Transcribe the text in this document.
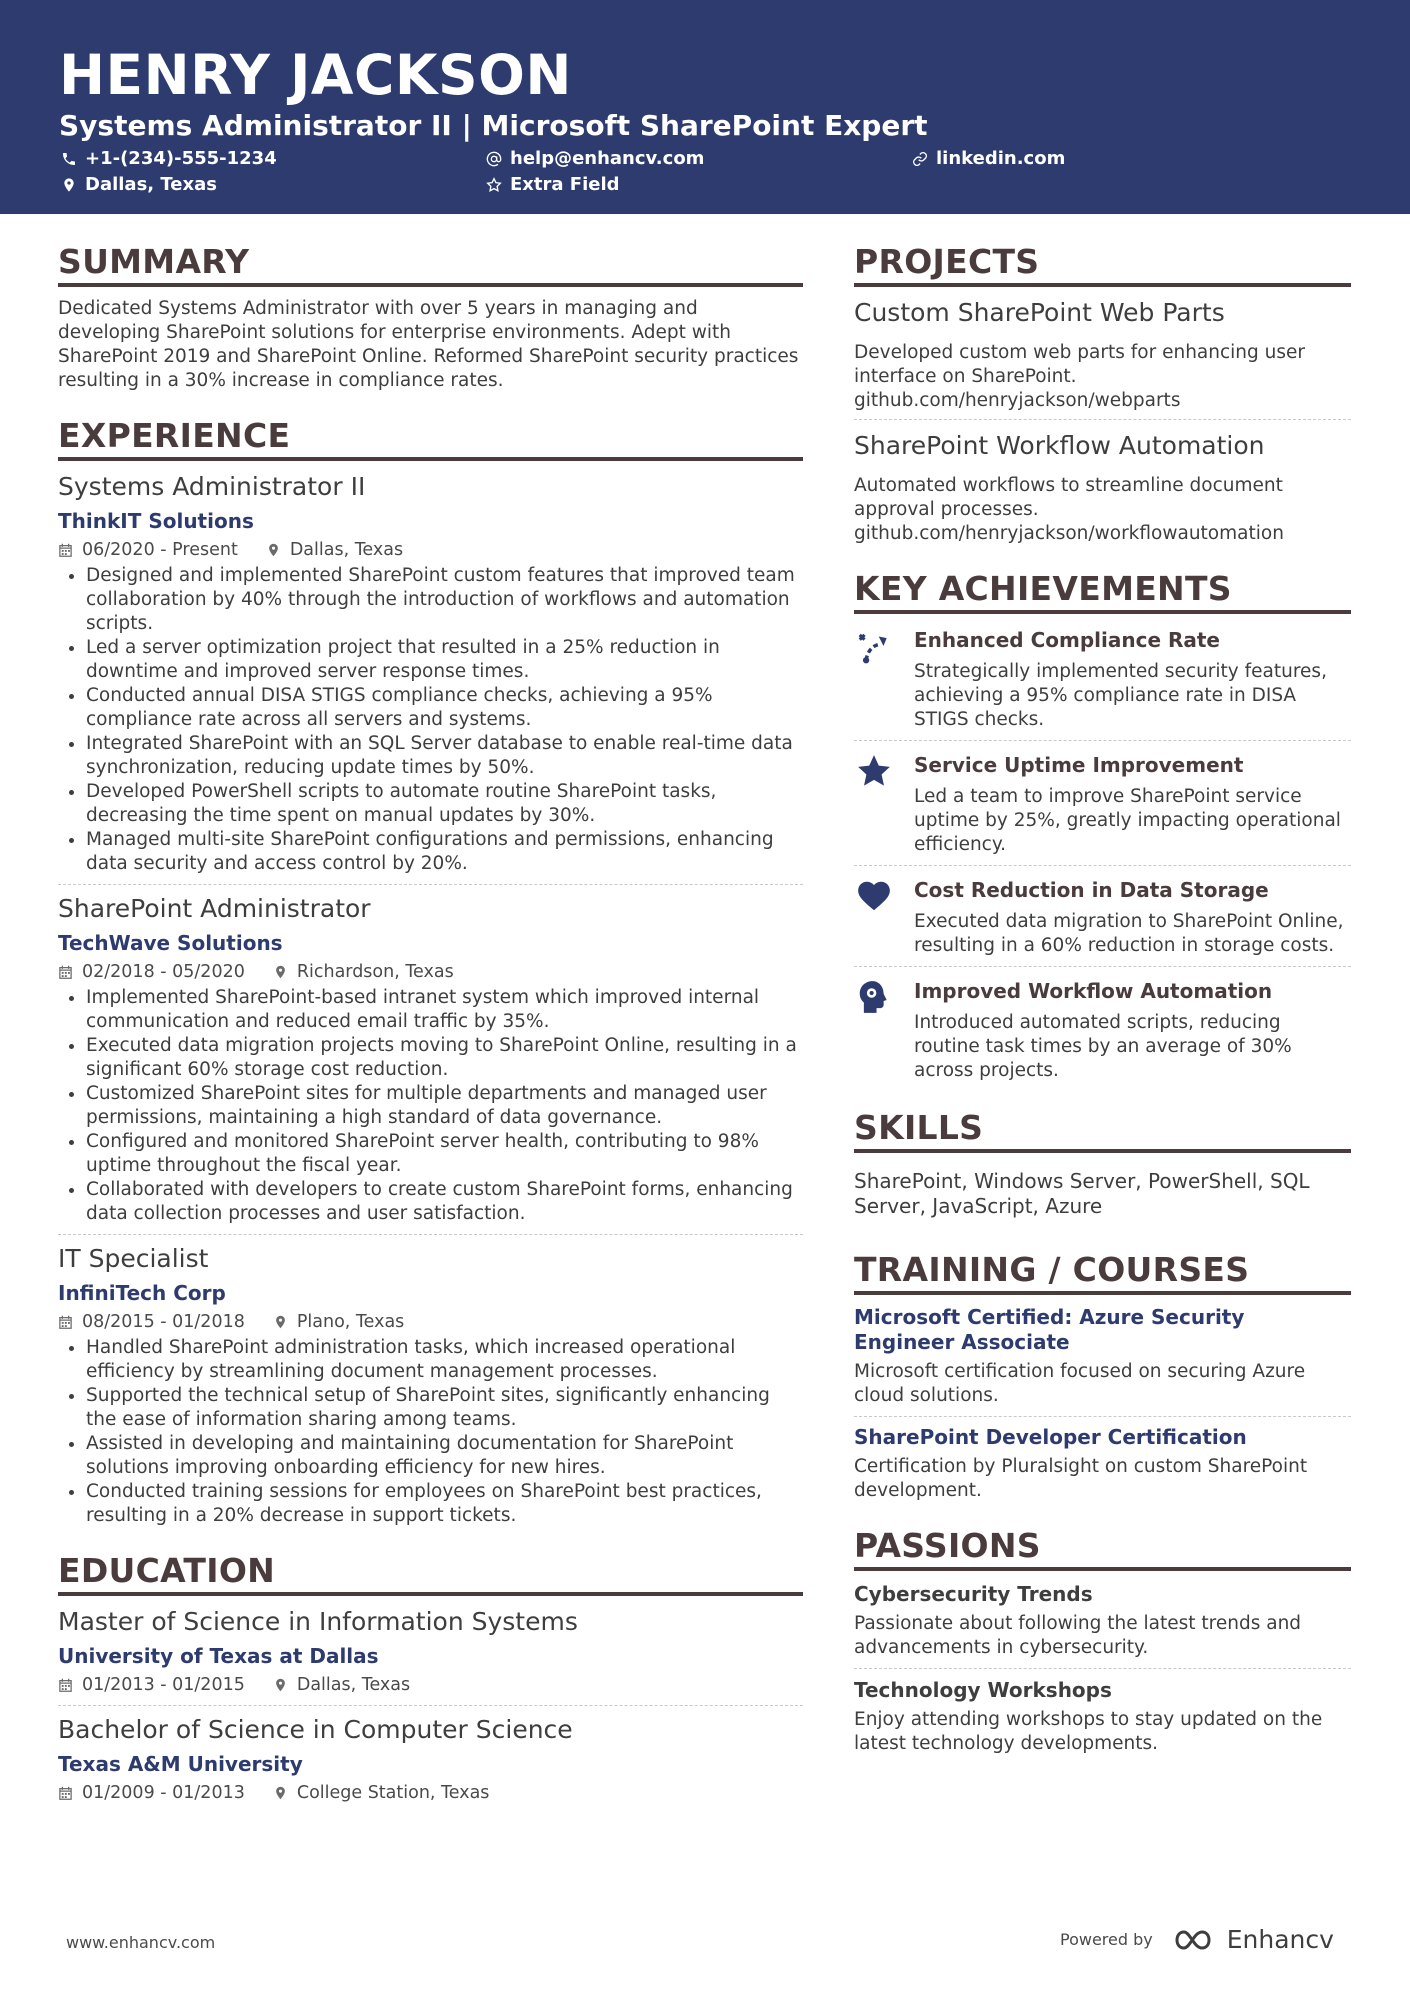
HENRY JACKSON
Systems Administrator II | Microsoft SharePoint Expert
+1-(234)-555-1234	help@enhancv.com	linkedin.com
Dallas, Texas	Extra Field
SUMMARY
Dedicated Systems Administrator with over 5 years in managing and developing SharePoint solutions for enterprise environments. Adept with SharePoint 2019 and SharePoint Online. Reformed SharePoint security practices resulting in a 30% increase in compliance rates.
EXPERIENCE
Systems Administrator II
ThinkIT Solutions
06/2020 - Present	Dallas, Texas
• Designed and implemented SharePoint custom features that improved team collaboration by 40% through the introduction of workflows and automation scripts.
• Led a server optimization project that resulted in a 25% reduction in downtime and improved server response times.
• Conducted annual DISA STIGS compliance checks, achieving a 95% compliance rate across all servers and systems.
• Integrated SharePoint with an SQL Server database to enable real-time data synchronization, reducing update times by 50%.
• Developed PowerShell scripts to automate routine SharePoint tasks, decreasing the time spent on manual updates by 30%.
• Managed multi-site SharePoint configurations and permissions, enhancing data security and access control by 20%.
SharePoint Administrator
TechWave Solutions
02/2018 - 05/2020	Richardson, Texas
• Implemented SharePoint-based intranet system which improved internal communication and reduced email traffic by 35%.
• Executed data migration projects moving to SharePoint Online, resulting in a significant 60% storage cost reduction.
• Customized SharePoint sites for multiple departments and managed user permissions, maintaining a high standard of data governance.
• Configured and monitored SharePoint server health, contributing to 98% uptime throughout the fiscal year.
• Collaborated with developers to create custom SharePoint forms, enhancing data collection processes and user satisfaction.
IT Specialist
InfiniTech Corp
08/2015 - 01/2018	Plano, Texas
• Handled SharePoint administration tasks, which increased operational efficiency by streamlining document management processes.
• Supported the technical setup of SharePoint sites, significantly enhancing the ease of information sharing among teams.
• Assisted in developing and maintaining documentation for SharePoint solutions improving onboarding efficiency for new hires.
• Conducted training sessions for employees on SharePoint best practices, resulting in a 20% decrease in support tickets.
EDUCATION
Master of Science in Information Systems
University of Texas at Dallas
01/2013 - 01/2015	Dallas, Texas
Bachelor of Science in Computer Science
Texas A&M University
01/2009 - 01/2013	College Station, Texas
PROJECTS
Custom SharePoint Web Parts
Developed custom web parts for enhancing user interface on SharePoint.
github.com/henryjackson/webparts
SharePoint Workflow Automation
Automated workflows to streamline document approval processes.
github.com/henryjackson/workflowautomation
KEY ACHIEVEMENTS
Enhanced Compliance Rate
Strategically implemented security features, achieving a 95% compliance rate in DISA STIGS checks.
Service Uptime Improvement
Led a team to improve SharePoint service uptime by 25%, greatly impacting operational efficiency.
Cost Reduction in Data Storage
Executed data migration to SharePoint Online, resulting in a 60% reduction in storage costs.
Improved Workflow Automation
Introduced automated scripts, reducing routine task times by an average of 30% across projects.
SKILLS
SharePoint, Windows Server, PowerShell, SQL Server, JavaScript, Azure
TRAINING / COURSES
Microsoft Certified: Azure Security Engineer Associate
Microsoft certification focused on securing Azure cloud solutions.
SharePoint Developer Certification
Certification by Pluralsight on custom SharePoint development.
PASSIONS
Cybersecurity Trends
Passionate about following the latest trends and advancements in cybersecurity.
Technology Workshops
Enjoy attending workshops to stay updated on the latest technology developments.
www.enhancv.com	Powered by	Enhancv
